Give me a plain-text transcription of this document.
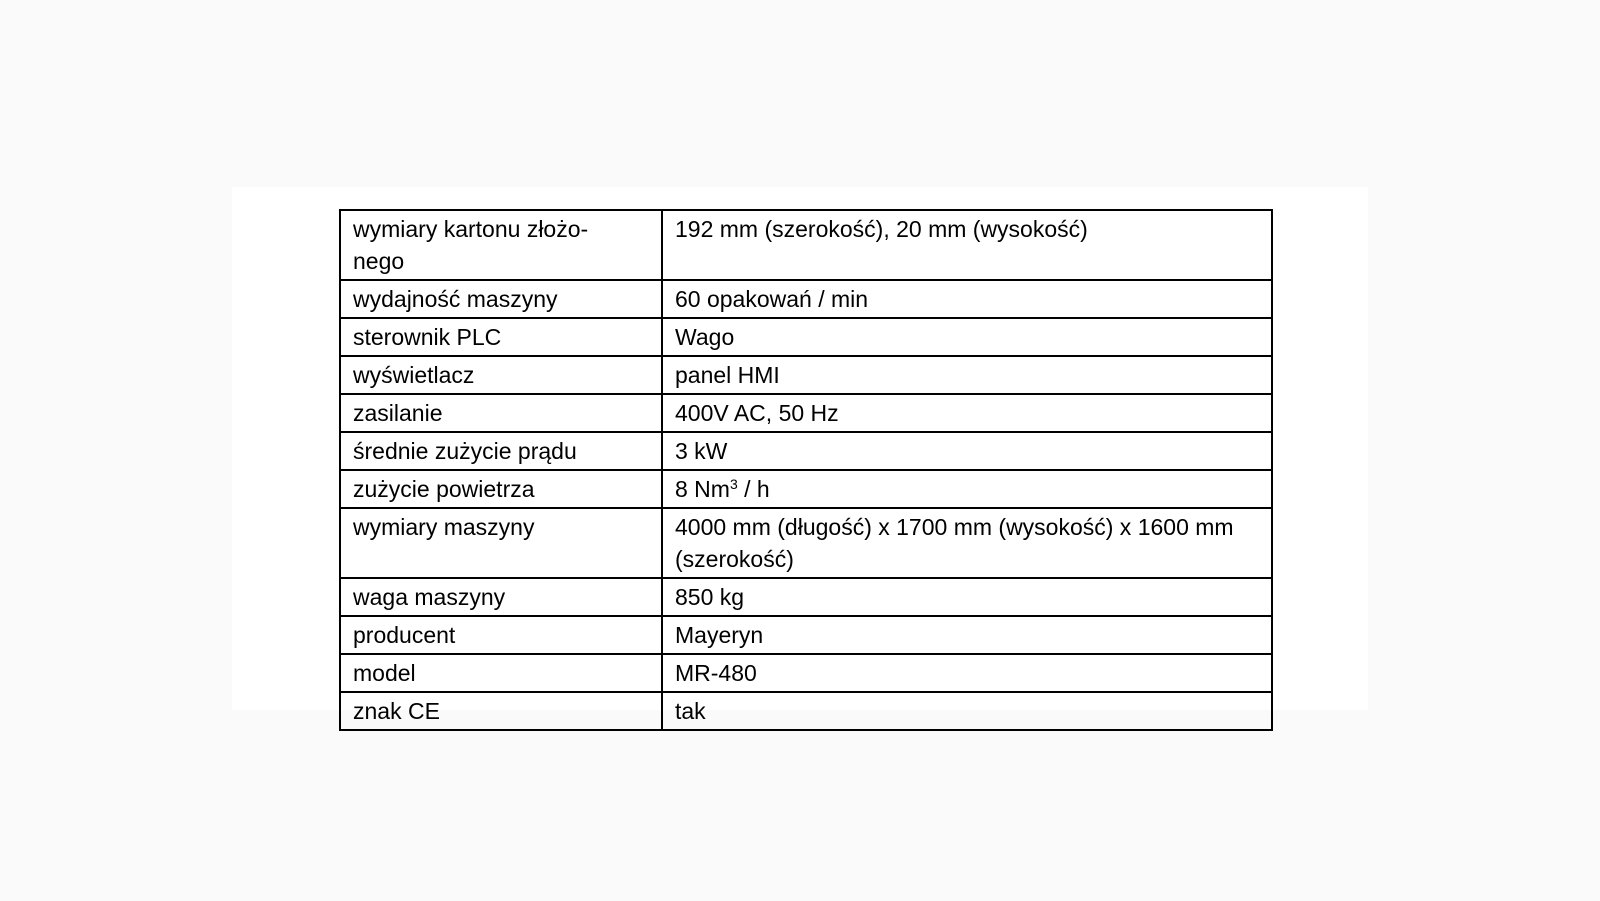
wymiary kartonu złożo-
nego	192 mm (szerokość), 20 mm (wysokość)
wydajność maszyny	60 opakowań / min
sterownik PLC	Wago
wyświetlacz	panel HMI
zasilanie	400V AC, 50 Hz
średnie zużycie prądu	3 kW
zużycie powietrza	8 Nm$^3$ / h
wymiary maszyny	4000 mm (długość) x 1700 mm (wysokość) x 1600 mm (szerokość)
waga maszyny	850 kg
producent	Mayeryn
model	MR-480
znak CE	tak
